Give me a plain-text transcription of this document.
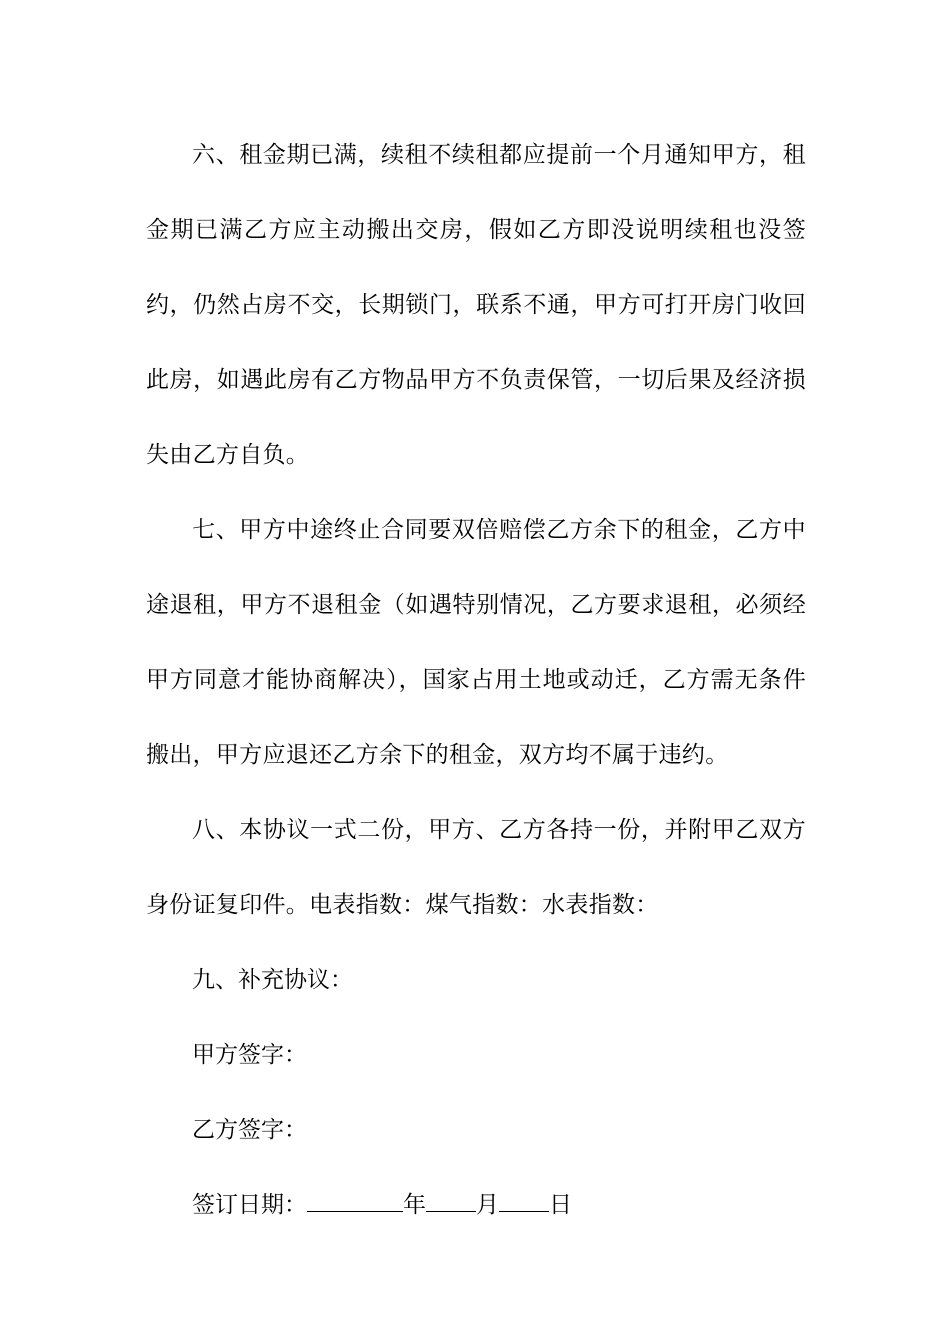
六、租金期已满，续租不续租都应提前一个月通知甲方，租金期已满乙方应主动搬出交房，假如乙方即没说明续租也没签约，仍然占房不交，长期锁门，联系不通，甲方可打开房门收回此房，如遇此房有乙方物品甲方不负责保管，一切后果及经济损失由乙方自负。

七、甲方中途终止合同要双倍赔偿乙方余下的租金，乙方中途退租，甲方不退租金（如遇特别情况，乙方要求退租，必须经甲方同意才能协商解决），国家占用土地或动迁，乙方需无条件搬出，甲方应退还乙方余下的租金，双方均不属于违约。

八、本协议一式二份，甲方、乙方各持一份，并附甲乙双方身份证复印件。电表指数：煤气指数：水表指数：

九、补充协议：

甲方签字：

乙方签字：

签订日期：	年 月 日
